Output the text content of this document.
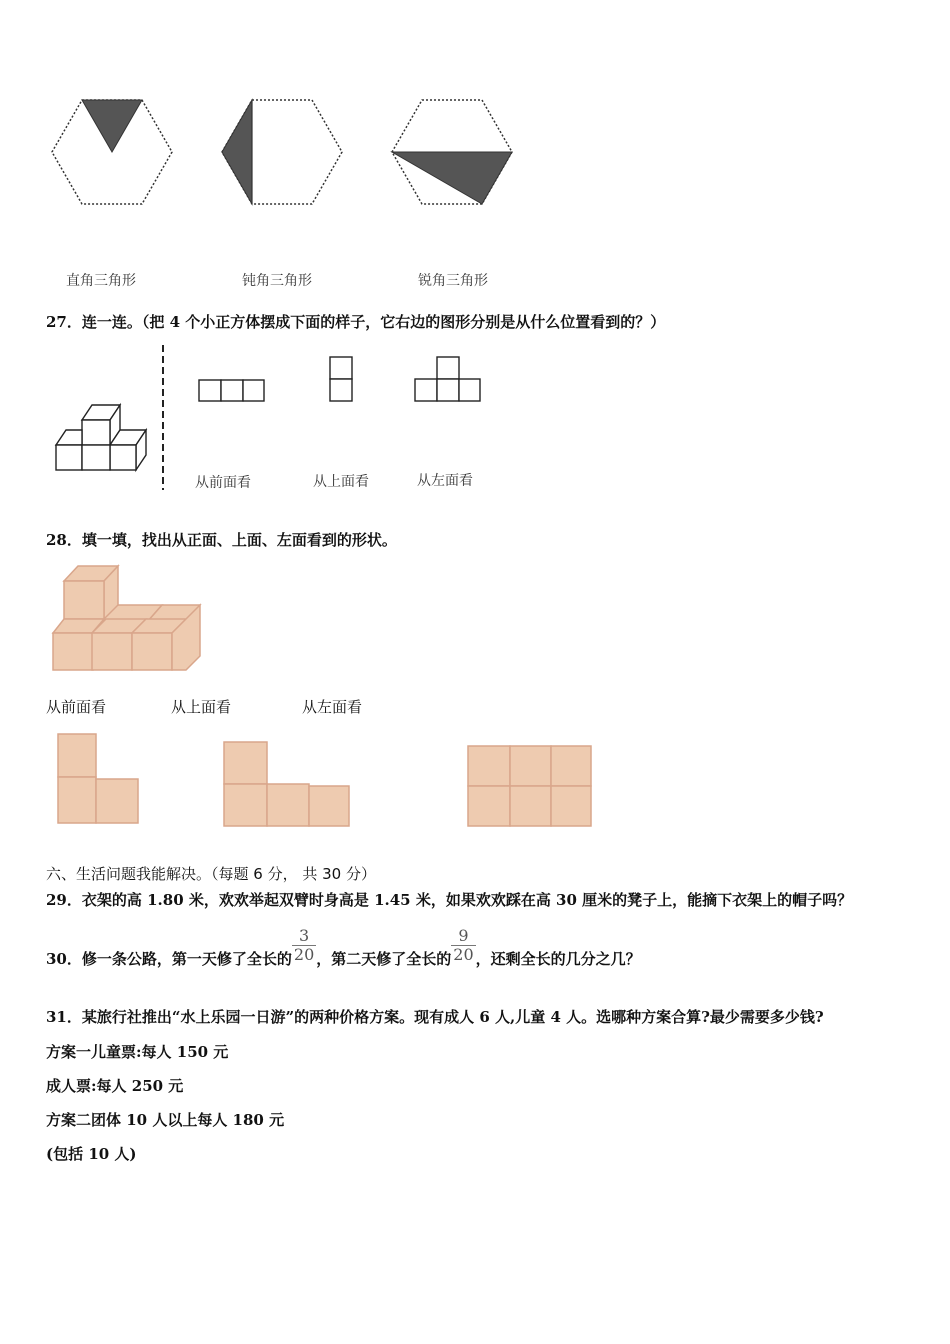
直角三角形	钝角三角形	锐角三角形
27．连一连。（把 4 个小正方体摆成下面的样子，它右边的图形分别是从什么位置看到的？）
从前面看	从上面看	从左面看
28．填一填，找出从正面、上面、左面看到的形状。
从前面看	从上面看	从左面看
六、生活问题我能解决。（每题 6 分， 共 30 分）
29．衣架的高 1.80 米，欢欢举起双臂时身高是 1.45 米，如果欢欢踩在高 30 厘米的凳子上，能摘下衣架上的帽子吗？
30．修一条公路，第一天修了全长的 $\frac{3}{20}$ ，第二天修了全长的 $\frac{9}{20}$ ，还剩全长的几分之几？
31．某旅行社推出“水上乐园一日游”的两种价格方案。现有成人 6 人,儿童 4 人。选哪种方案合算?最少需要多少钱?
方案一儿童票:每人 150 元
成人票:每人 250 元
方案二团体 10 人以上每人 180 元
(包括 10 人)
